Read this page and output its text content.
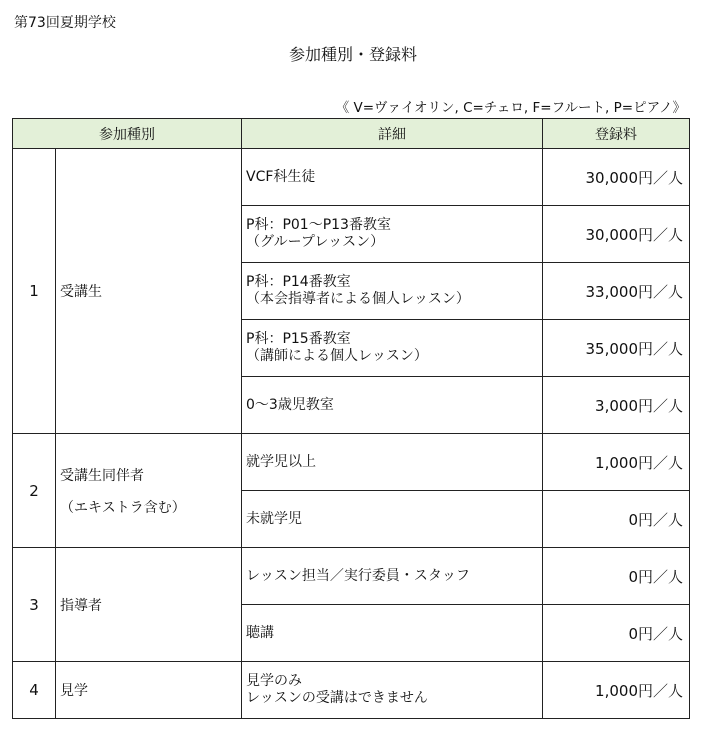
第73回夏期学校
参加種別・登録料
《 V=ヴァイオリン, C=チェロ, F=フルート, P=ピアノ》
参加種別		詳細	登録料
1	受講生	VCF科生徒	30,000円／人

		P科：P01～P13番教室
（グループレッスン）	30,000円／人

		P科：P14番教室
（本会指導者による個人レッスン）	33,000円／人

		P科：P15番教室
（講師による個人レッスン）	35,000円／人

		0～3歳児教室	3,000円／人
2	受講生同伴者
（エキストラ含む）	就学児以上	1,000円／人

		未就学児	0円／人
3	指導者	レッスン担当／実行委員・スタッフ	0円／人

		聴講	0円／人
4	見学	見学のみ
レッスンの受講はできません	1,000円／人
